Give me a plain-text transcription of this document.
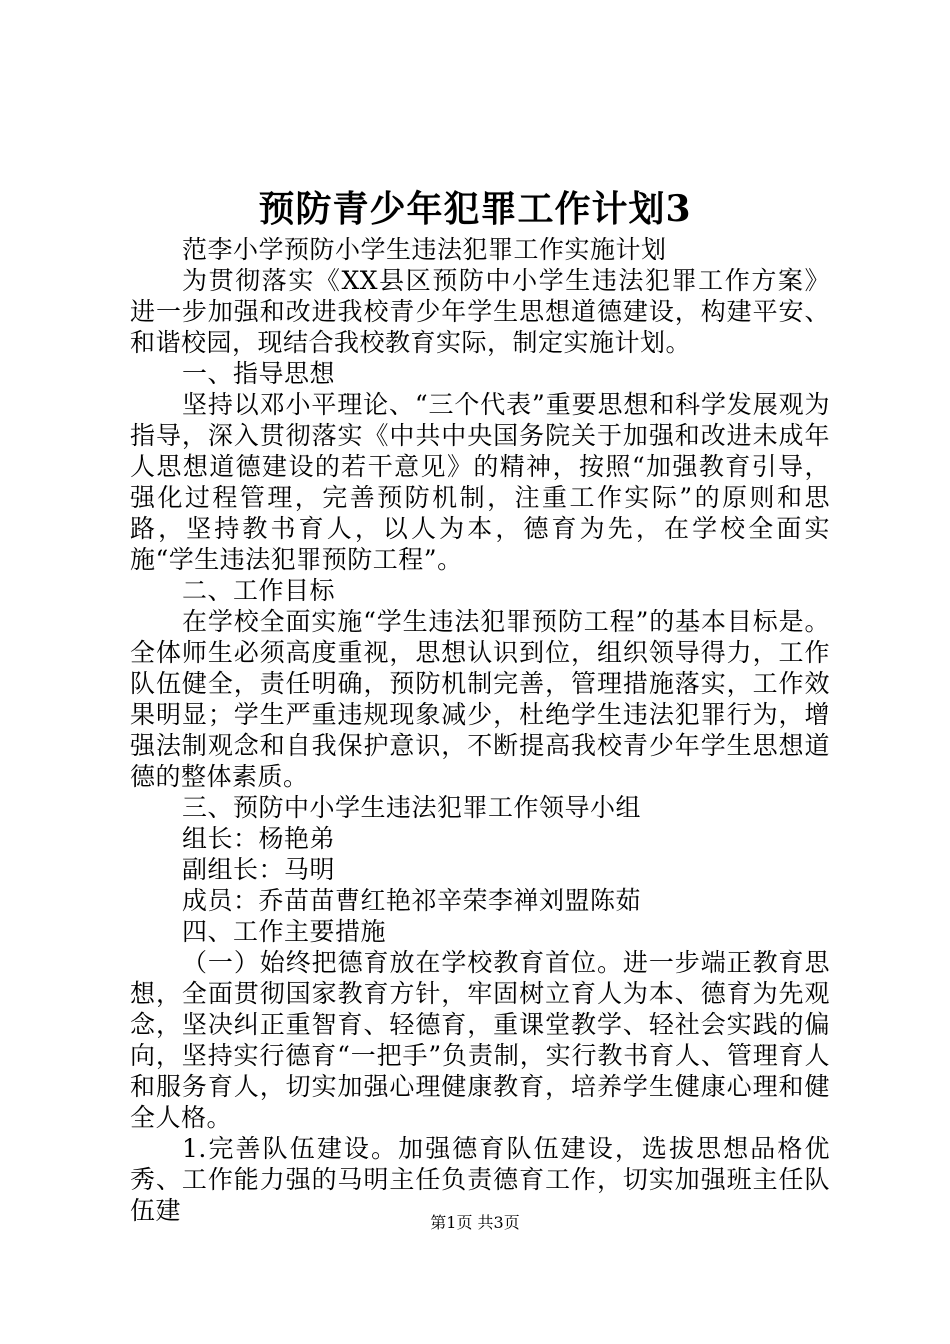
预防青少年犯罪工作计划3

范李小学预防小学生违法犯罪工作实施计划

为贯彻落实《XX县区预防中小学生违法犯罪工作方案》进一步加强和改进我校青少年学生思想道德建设，构建平安、和谐校园，现结合我校教育实际，制定实施计划。

一、指导思想

坚持以邓小平理论、“三个代表”重要思想和科学发展观为指导，深入贯彻落实《中共中央国务院关于加强和改进未成年人思想道德建设的若干意见》的精神，按照“加强教育引导，强化过程管理，完善预防机制，注重工作实际”的原则和思路，坚持教书育人，以人为本，德育为先，在学校全面实施“学生违法犯罪预防工程”。

二、工作目标

在学校全面实施“学生违法犯罪预防工程”的基本目标是。全体师生必须高度重视，思想认识到位，组织领导得力，工作队伍健全，责任明确，预防机制完善，管理措施落实，工作效果明显；学生严重违规现象减少，杜绝学生违法犯罪行为，增强法制观念和自我保护意识，不断提高我校青少年学生思想道德的整体素质。

三、预防中小学生违法犯罪工作领导小组

组长：杨艳弟

副组长：马明

成员：乔苗苗曹红艳祁辛荣李禅刘盟陈茹

四、工作主要措施

（一）始终把德育放在学校教育首位。进一步端正教育思想，全面贯彻国家教育方针，牢固树立育人为本、德育为先观念，坚决纠正重智育、轻德育，重课堂教学、轻社会实践的偏向，坚持实行德育“一把手”负责制，实行教书育人、管理育人和服务育人，切实加强心理健康教育，培养学生健康心理和健全人格。

1.完善队伍建设。加强德育队伍建设，选拔思想品格优秀、工作能力强的马明主任负责德育工作，切实加强班主任队伍建	第1页 共3页
